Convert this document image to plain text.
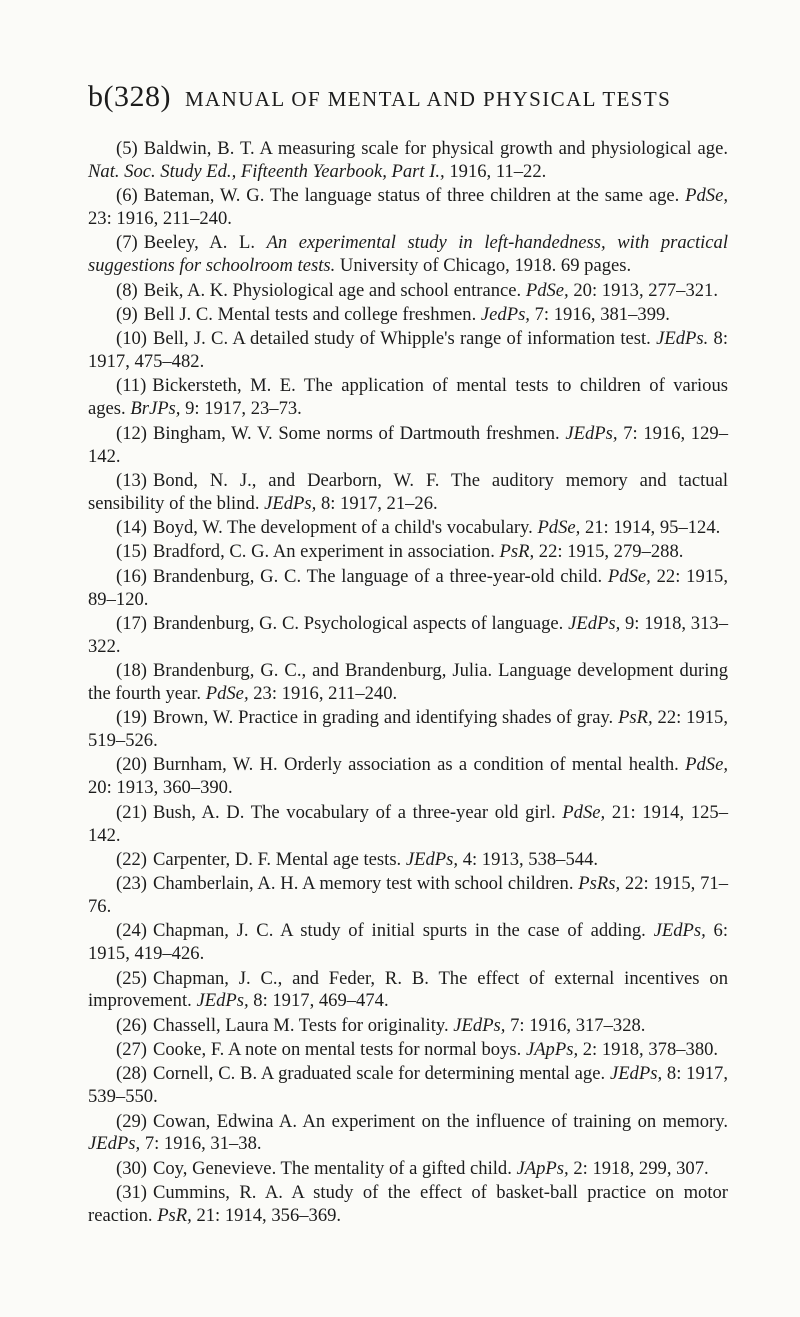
b(328) MANUAL OF MENTAL AND PHYSICAL TESTS

(5) Baldwin, B. T. A measuring scale for physical growth and physiological age. Nat. Soc. Study Ed., Fifteenth Yearbook, Part I., 1916, 11–22.

(6) Bateman, W. G. The language status of three children at the same age. PdSe, 23: 1916, 211–240.

(7) Beeley, A. L. An experimental study in left-handedness, with practical suggestions for schoolroom tests. University of Chicago, 1918. 69 pages.

(8) Beik, A. K. Physiological age and school entrance. PdSe, 20: 1913, 277–321.

(9) Bell J. C. Mental tests and college freshmen. JedPs, 7: 1916, 381–399.

(10) Bell, J. C. A detailed study of Whipple's range of information test. JEdPs. 8: 1917, 475–482.

(11) Bickersteth, M. E. The application of mental tests to children of various ages. BrJPs, 9: 1917, 23–73.

(12) Bingham, W. V. Some norms of Dartmouth freshmen. JEdPs, 7: 1916, 129–142.

(13) Bond, N. J., and Dearborn, W. F. The auditory memory and tactual sensibility of the blind. JEdPs, 8: 1917, 21–26.

(14) Boyd, W. The development of a child's vocabulary. PdSe, 21: 1914, 95–124.

(15) Bradford, C. G. An experiment in association. PsR, 22: 1915, 279–288.

(16) Brandenburg, G. C. The language of a three-year-old child. PdSe, 22: 1915, 89–120.

(17) Brandenburg, G. C. Psychological aspects of language. JEdPs, 9: 1918, 313–322.

(18) Brandenburg, G. C., and Brandenburg, Julia. Language development during the fourth year. PdSe, 23: 1916, 211–240.

(19) Brown, W. Practice in grading and identifying shades of gray. PsR, 22: 1915, 519–526.

(20) Burnham, W. H. Orderly association as a condition of mental health. PdSe, 20: 1913, 360–390.

(21) Bush, A. D. The vocabulary of a three-year old girl. PdSe, 21: 1914, 125–142.

(22) Carpenter, D. F. Mental age tests. JEdPs, 4: 1913, 538–544.

(23) Chamberlain, A. H. A memory test with school children. PsRs, 22: 1915, 71–76.

(24) Chapman, J. C. A study of initial spurts in the case of adding. JEdPs, 6: 1915, 419–426.

(25) Chapman, J. C., and Feder, R. B. The effect of external incentives on improvement. JEdPs, 8: 1917, 469–474.

(26) Chassell, Laura M. Tests for originality. JEdPs, 7: 1916, 317–328.

(27) Cooke, F. A note on mental tests for normal boys. JApPs, 2: 1918, 378–380.

(28) Cornell, C. B. A graduated scale for determining mental age. JEdPs, 8: 1917, 539–550.

(29) Cowan, Edwina A. An experiment on the influence of training on memory. JEdPs, 7: 1916, 31–38.

(30) Coy, Genevieve. The mentality of a gifted child. JApPs, 2: 1918, 299, 307.

(31) Cummins, R. A. A study of the effect of basket-ball practice on motor reaction. PsR, 21: 1914, 356–369.
